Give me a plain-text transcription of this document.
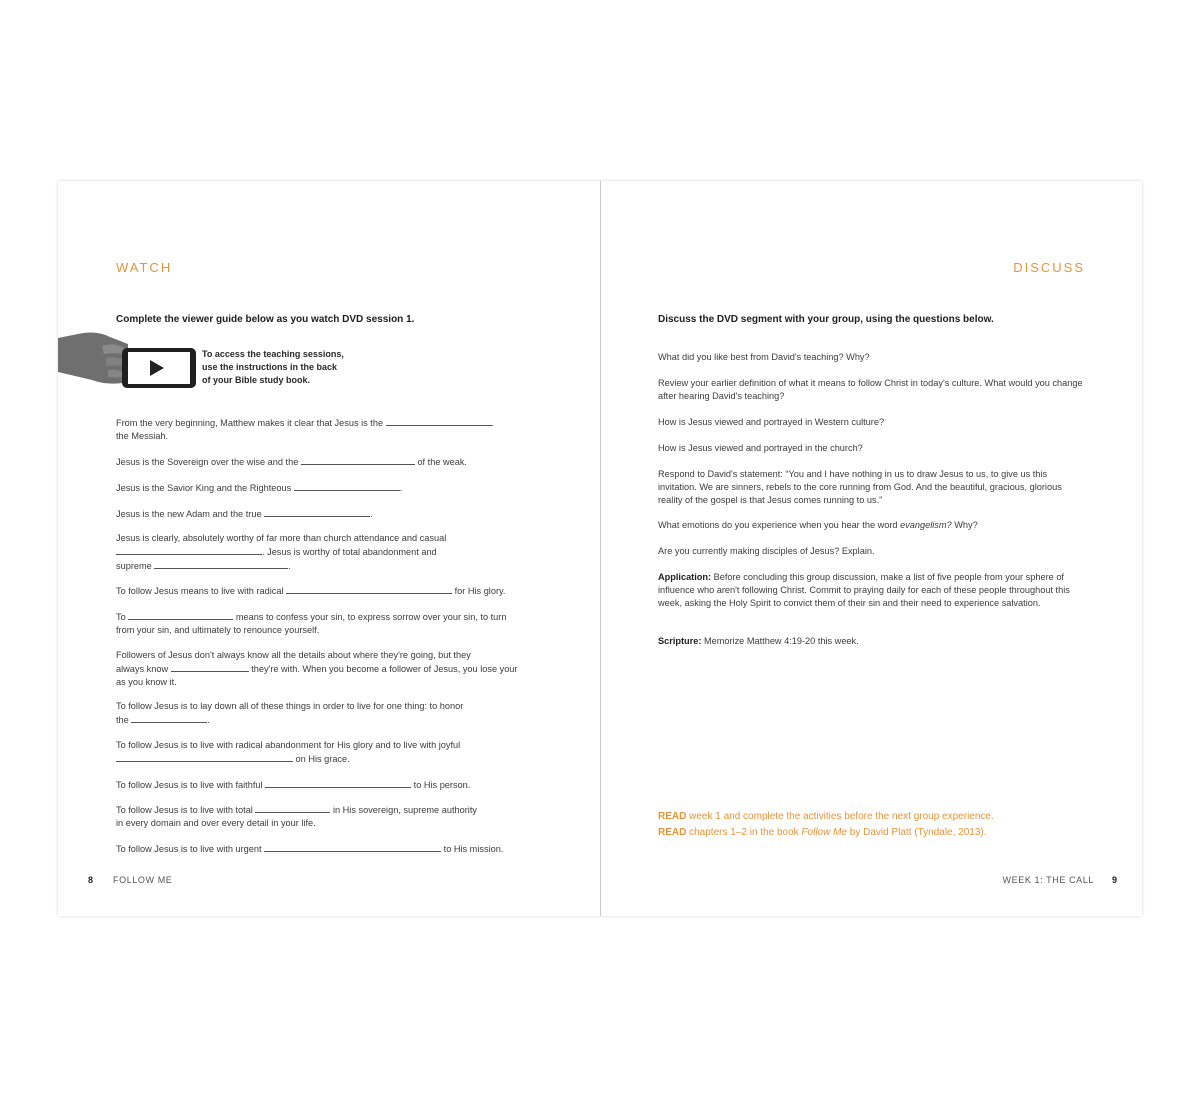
WATCH
Complete the viewer guide below as you watch DVD session 1.
To access the teaching sessions,
use the instructions in the back
of your Bible study book.
From the very beginning, Matthew makes it clear that Jesus is the	.
the Messiah.
Jesus is the Sovereign over the wise and the	of the weak.
Jesus is the Savior King and the Righteous	.
Jesus is the new Adam and the true	.
Jesus is clearly, absolutely worthy of far more than church attendance and casual
. Jesus is worthy of total abandonment and
supreme	.
To follow Jesus means to live with radical	for His glory.
To	means to confess your sin, to express sorrow over your sin, to turn
from your sin, and ultimately to renounce yourself.
Followers of Jesus don't always know all the details about where they're going, but they
always know	they're with. When you become a follower of Jesus, you lose your
as you know it.
To follow Jesus is to lay down all of these things in order to live for one thing: to honor
the	.
To follow Jesus is to live with radical abandonment for His glory and to live with joyful
on His grace.
To follow Jesus is to live with faithful	to His person.
To follow Jesus is to live with total	in His sovereign, supreme authority
in every domain and over every detail in your life.
To follow Jesus is to live with urgent	to His mission.
8 FOLLOW ME
DISCUSS
Discuss the DVD segment with your group, using the questions below.
What did you like best from David's teaching? Why?
Review your earlier definition of what it means to follow Christ in today's culture. What would you change after hearing David's teaching?
How is Jesus viewed and portrayed in Western culture?
How is Jesus viewed and portrayed in the church?
Respond to David's statement: “You and I have nothing in us to draw Jesus to us, to give us this invitation. We are sinners, rebels to the core running from God. And the beautiful, gracious, glorious reality of the gospel is that Jesus comes running to us.”
What emotions do you experience when you hear the word evangelism? Why?
Are you currently making disciples of Jesus? Explain.
Application: Before concluding this group discussion, make a list of five people from your sphere of influence who aren't following Christ. Commit to praying daily for each of these people throughout this week, asking the Holy Spirit to convict them of their sin and their need to experience salvation.
Scripture: Memorize Matthew 4:19-20 this week.
READ week 1 and complete the activities before the next group experience.
READ chapters 1–2 in the book Follow Me by David Platt (Tyndale, 2013).
WEEK 1: THE CALL 9
